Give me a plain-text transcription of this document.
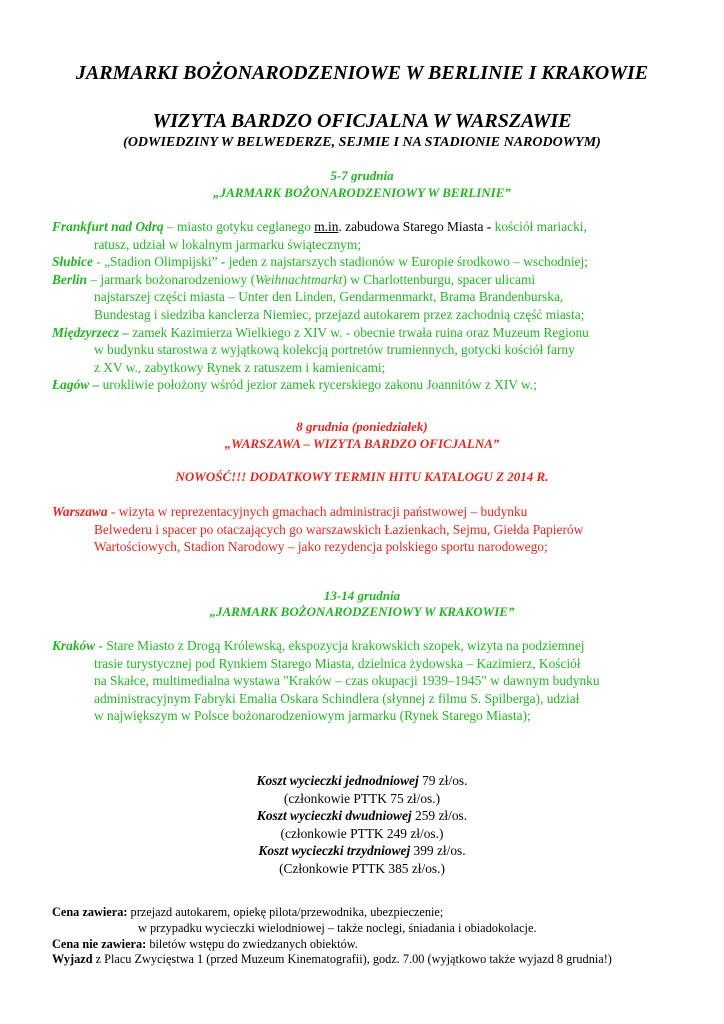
JARMARKI BOŻONARODZENIOWE W BERLINIE I KRAKOWIE
WIZYTA BARDZO OFICJALNA W WARSZAWIE
(ODWIEDZINY W BELWEDERZE, SEJMIE I NA STADIONIE NARODOWYM)
5-7 grudnia
„JARMARK BOŻONARODZENIOWY W BERLINIE”
Frankfurt nad Odrą – miasto gotyku ceglanego m.in. zabudowa Starego Miasta - kościół mariacki,
ratusz, udział w lokalnym jarmarku świątecznym;
Słubice - „Stadion Olimpijski” - jeden z najstarszych stadionów w Europie środkowo – wschodniej;
Berlin – jarmark bożonarodzeniowy (Weihnachtmarkt) w Charlottenburgu, spacer ulicami
najstarszej części miasta – Unter den Linden, Gendarmenmarkt, Brama Brandenburska,
Bundestag i siedziba kanclerza Niemiec, przejazd autokarem przez zachodnią część miasta;
Międzyrzecz – zamek Kazimierza Wielkiego z XIV w. - obecnie trwała ruina oraz Muzeum Regionu
w budynku starostwa z wyjątkową kolekcją portretów trumiennych, gotycki kościół farny
z XV w., zabytkowy Rynek z ratuszem i kamienicami;
Łagów – urokliwie położony wśród jezior zamek rycerskiego zakonu Joannitów z XIV w.;
8 grudnia (poniedziałek)
„WARSZAWA – WIZYTA BARDZO OFICJALNA”
NOWOŚĆ!!! DODATKOWY TERMIN HITU KATALOGU Z 2014 R.
Warszawa - wizyta w reprezentacyjnych gmachach administracji państwowej – budynku
Belwederu i spacer po otaczających go warszawskich Łazienkach, Sejmu, Giełda Papierów
Wartościowych, Stadion Narodowy – jako rezydencja polskiego sportu narodowego;
13-14 grudnia
„JARMARK BOŻONARODZENIOWY W KRAKOWIE”
Kraków - Stare Miasto z Drogą Królewską, ekspozycja krakowskich szopek, wizyta na podziemnej
trasie turystycznej pod Rynkiem Starego Miasta, dzielnica żydowska – Kazimierz, Kościół
na Skałce, multimedialna wystawa "Kraków – czas okupacji 1939–1945" w dawnym budynku
administracyjnym Fabryki Emalia Oskara Schindlera (słynnej z filmu S. Spilberga), udział
w największym w Polsce bożonarodzeniowym jarmarku (Rynek Starego Miasta);
Koszt wycieczki jednodniowej 79 zł/os.
(członkowie PTTK 75 zł/os.)
Koszt wycieczki dwudniowej 259 zł/os.
(członkowie PTTK 249 zł/os.)
Koszt wycieczki trzydniowej 399 zł/os.
(Członkowie PTTK 385 zł/os.)
Cena zawiera: przejazd autokarem, opiekę pilota/przewodnika, ubezpieczenie;
w przypadku wycieczki wielodniowej – także noclegi, śniadania i obiadokolacje.
Cena nie zawiera: biletów wstępu do zwiedzanych obiektów.
Wyjazd z Placu Zwycięstwa 1 (przed Muzeum Kinematografii), godz. 7.00 (wyjątkowo także wyjazd 8 grudnia!)
